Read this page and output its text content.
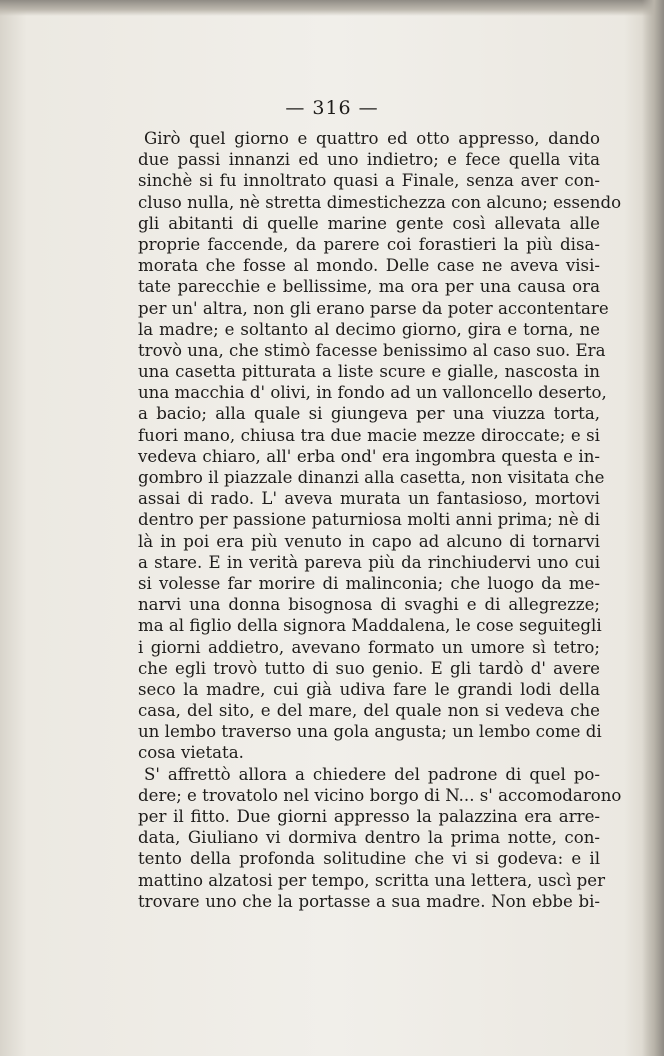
— 316 —
Girò quel giorno e quattro ed otto appresso, dando
due passi innanzi ed uno indietro; e fece quella vita
sinchè si fu innoltrato quasi a Finale, senza aver con-
cluso nulla, nè stretta dimestichezza con alcuno; essendo
gli abitanti di quelle marine gente così allevata alle
proprie faccende, da parere coi forastieri la più disa-
morata che fosse al mondo. Delle case ne aveva visi-
tate parecchie e bellissime, ma ora per una causa ora
per un' altra, non gli erano parse da poter accontentare
la madre; e soltanto al decimo giorno, gira e torna, ne
trovò una, che stimò facesse benissimo al caso suo. Era
una casetta pitturata a liste scure e gialle, nascosta in
una macchia d' olivi, in fondo ad un valloncello deserto,
a bacio; alla quale si giungeva per una viuzza torta,
fuori mano, chiusa tra due macie mezze diroccate; e si
vedeva chiaro, all' erba ond' era ingombra questa e in-
gombro il piazzale dinanzi alla casetta, non visitata che
assai di rado. L' aveva murata un fantasioso, mortovi
dentro per passione paturniosa molti anni prima; nè di
là in poi era più venuto in capo ad alcuno di tornarvi
a stare. E in verità pareva più da rinchiudervi uno cui
si volesse far morire di malinconia; che luogo da me-
narvi una donna bisognosa di svaghi e di allegrezze;
ma al figlio della signora Maddalena, le cose seguitegli
i giorni addietro, avevano formato un umore sì tetro;
che egli trovò tutto di suo genio. E gli tardò d' avere
seco la madre, cui già udiva fare le grandi lodi della
casa, del sito, e del mare, del quale non si vedeva che
un lembo traverso una gola angusta; un lembo come di
cosa vietata.
S' affrettò allora a chiedere del padrone di quel po-
dere; e trovatolo nel vicino borgo di N... s' accomodarono
per il fitto. Due giorni appresso la palazzina era arre-
data, Giuliano vi dormiva dentro la prima notte, con-
tento della profonda solitudine che vi si godeva: e il
mattino alzatosi per tempo, scritta una lettera, uscì per
trovare uno che la portasse a sua madre. Non ebbe bi-
